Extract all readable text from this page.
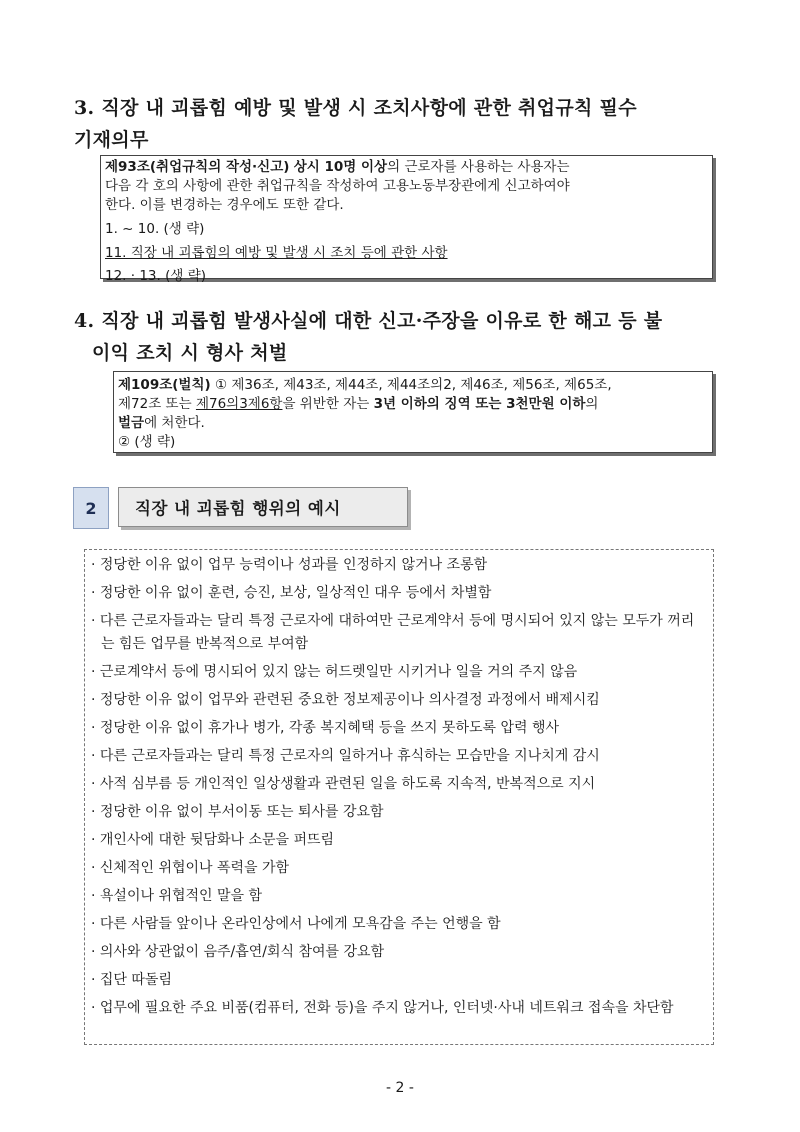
3. 직장 내 괴롭힘 예방 및 발생 시 조치사항에 관한 취업규칙 필수
기재의무

제93조(취업규칙의 작성·신고) 상시 10명 이상의 근로자를 사용하는 사용자는

다음 각 호의 사항에 관한 취업규칙을 작성하여 고용노동부장관에게 신고하여야

한다. 이를 변경하는 경우에도 또한 같다.

1. ~ 10. (생 략)

11. 직장 내 괴롭힘의 예방 및 발생 시 조치 등에 관한 사항

12. · 13. (생 략)

4. 직장 내 괴롭힘 발생사실에 대한 신고·주장을 이유로 한 해고 등 불
이익 조치 시 형사 처벌

제109조(벌칙) ① 제36조, 제43조, 제44조, 제44조의2, 제46조, 제56조, 제65조,

제72조 또는 제76의3제6항을 위반한 자는 3년 이하의 징역 또는 3천만원 이하의

벌금에 처한다.

② (생 략)

2	직장 내 괴롭힘 행위의 예시
· 정당한 이유 없이 업무 능력이나 성과를 인정하지 않거나 조롱함
· 정당한 이유 없이 훈련, 승진, 보상, 일상적인 대우 등에서 차별함
· 다른 근로자들과는 달리 특정 근로자에 대하여만 근로계약서 등에 명시되어 있지 않는 모두가 꺼리는 힘든 업무를 반복적으로 부여함
· 근로계약서 등에 명시되어 있지 않는 허드렛일만 시키거나 일을 거의 주지 않음
· 정당한 이유 없이 업무와 관련된 중요한 정보제공이나 의사결정 과정에서 배제시킴
· 정당한 이유 없이 휴가나 병가, 각종 복지혜택 등을 쓰지 못하도록 압력 행사
· 다른 근로자들과는 달리 특정 근로자의 일하거나 휴식하는 모습만을 지나치게 감시
· 사적 심부름 등 개인적인 일상생활과 관련된 일을 하도록 지속적, 반복적으로 지시
· 정당한 이유 없이 부서이동 또는 퇴사를 강요함
· 개인사에 대한 뒷담화나 소문을 퍼뜨림
· 신체적인 위협이나 폭력을 가함
· 욕설이나 위협적인 말을 함
· 다른 사람들 앞이나 온라인상에서 나에게 모욕감을 주는 언행을 함
· 의사와 상관없이 음주/흡연/회식 참여를 강요함
· 집단 따돌림
· 업무에 필요한 주요 비품(컴퓨터, 전화 등)을 주지 않거나, 인터넷·사내 네트워크 접속을 차단함
- 2 -
